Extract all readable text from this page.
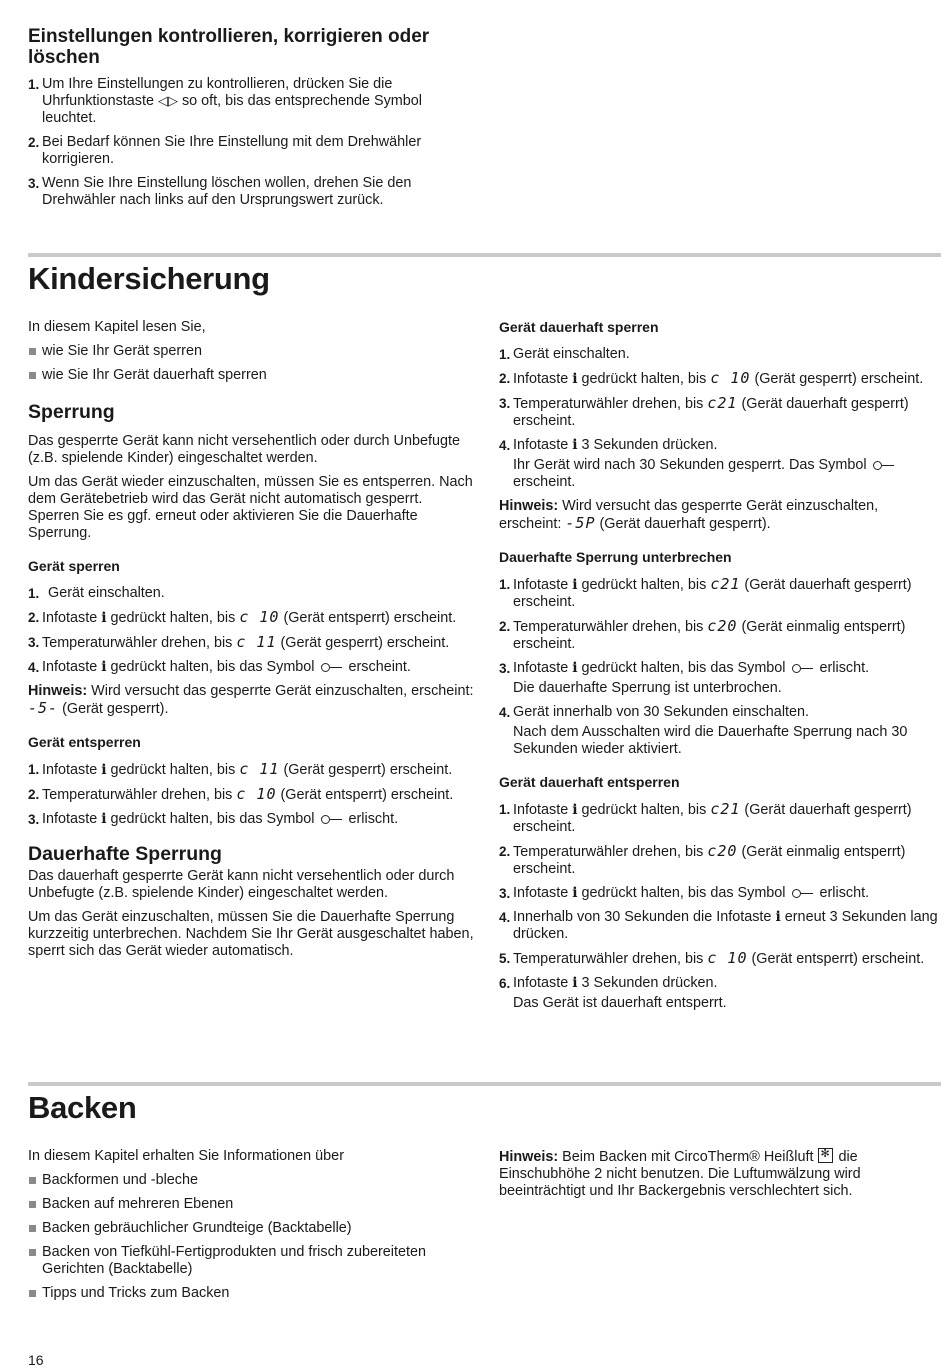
Einstellungen kontrollieren, korrigieren oder löschen
1. Um Ihre Einstellungen zu kontrollieren, drücken Sie die Uhrfunktionstaste ◁▷ so oft, bis das entsprechende Symbol leuchtet.
2. Bei Bedarf können Sie Ihre Einstellung mit dem Drehwähler korrigieren.
3. Wenn Sie Ihre Einstellung löschen wollen, drehen Sie den Drehwähler nach links auf den Ursprungswert zurück.
Kindersicherung

In diesem Kapitel lesen Sie,

wie Sie Ihr Gerät sperren
wie Sie Ihr Gerät dauerhaft sperren
Sperrung

Das gesperrte Gerät kann nicht versehentlich oder durch Unbefugte (z.B. spielende Kinder) eingeschaltet werden.

Um das Gerät wieder einzuschalten, müssen Sie es entsperren. Nach dem Gerätebetrieb wird das Gerät nicht automatisch gesperrt. Sperren Sie es ggf. erneut oder aktivieren Sie die Dauerhafte Sperrung.

Gerät sperren
1. Gerät einschalten.
2. Infotaste i gedrückt halten, bis c 10 (Gerät entsperrt) erscheint.
3. Temperaturwähler drehen, bis c 11 (Gerät gesperrt) erscheint.
4. Infotaste i gedrückt halten, bis das Symbol  erscheint.

Hinweis: Wird versucht das gesperrte Gerät einzuschalten, erscheint: -5- (Gerät gesperrt).

Gerät entsperren
1. Infotaste i gedrückt halten, bis c 11 (Gerät gesperrt) erscheint.
2. Temperaturwähler drehen, bis c 10 (Gerät entsperrt) erscheint.
3. Infotaste i gedrückt halten, bis das Symbol  erlischt.
Dauerhafte Sperrung

Das dauerhaft gesperrte Gerät kann nicht versehentlich oder durch Unbefugte (z.B. spielende Kinder) eingeschaltet werden.

Um das Gerät einzuschalten, müssen Sie die Dauerhafte Sperrung kurzzeitig unterbrechen. Nachdem Sie Ihr Gerät ausgeschaltet haben, sperrt sich das Gerät wieder automatisch.

Gerät dauerhaft sperren
1. Gerät einschalten.
2. Infotaste i gedrückt halten, bis c 10 (Gerät gesperrt) erscheint.
3. Temperaturwähler drehen, bis c21 (Gerät dauerhaft gesperrt) erscheint.
4. Infotaste i 3 Sekunden drücken.
Ihr Gerät wird nach 30 Sekunden gesperrt. Das Symbol  erscheint.

Hinweis: Wird versucht das gesperrte Gerät einzuschalten, erscheint: -5P (Gerät dauerhaft gesperrt).

Dauerhafte Sperrung unterbrechen
1. Infotaste i gedrückt halten, bis c21 (Gerät dauerhaft gesperrt) erscheint.
2. Temperaturwähler drehen, bis c20 (Gerät einmalig entsperrt) erscheint.
3. Infotaste i gedrückt halten, bis das Symbol  erlischt.
Die dauerhafte Sperrung ist unterbrochen.
4. Gerät innerhalb von 30 Sekunden einschalten.
Nach dem Ausschalten wird die Dauerhafte Sperrung nach 30 Sekunden wieder aktiviert.
Gerät dauerhaft entsperren
1. Infotaste i gedrückt halten, bis c21 (Gerät dauerhaft gesperrt) erscheint.
2. Temperaturwähler drehen, bis c20 (Gerät einmalig entsperrt) erscheint.
3. Infotaste i gedrückt halten, bis das Symbol  erlischt.
4. Innerhalb von 30 Sekunden die Infotaste i erneut 3 Sekunden lang drücken.
5. Temperaturwähler drehen, bis c 10 (Gerät entsperrt) erscheint.
6. Infotaste i 3 Sekunden drücken.
Das Gerät ist dauerhaft entsperrt.
Backen

In diesem Kapitel erhalten Sie Informationen über

Backformen und -bleche
Backen auf mehreren Ebenen
Backen gebräuchlicher Grundteige (Backtabelle)
Backen von Tiefkühl-Fertigprodukten und frisch zubereiteten Gerichten (Backtabelle)
Tipps und Tricks zum Backen

Hinweis: Beim Backen mit CircoTherm® Heißluft ✻ die Einschubhöhe 2 nicht benutzen. Die Luftumwälzung wird beeinträchtigt und Ihr Backergebnis verschlechtert sich.

16
